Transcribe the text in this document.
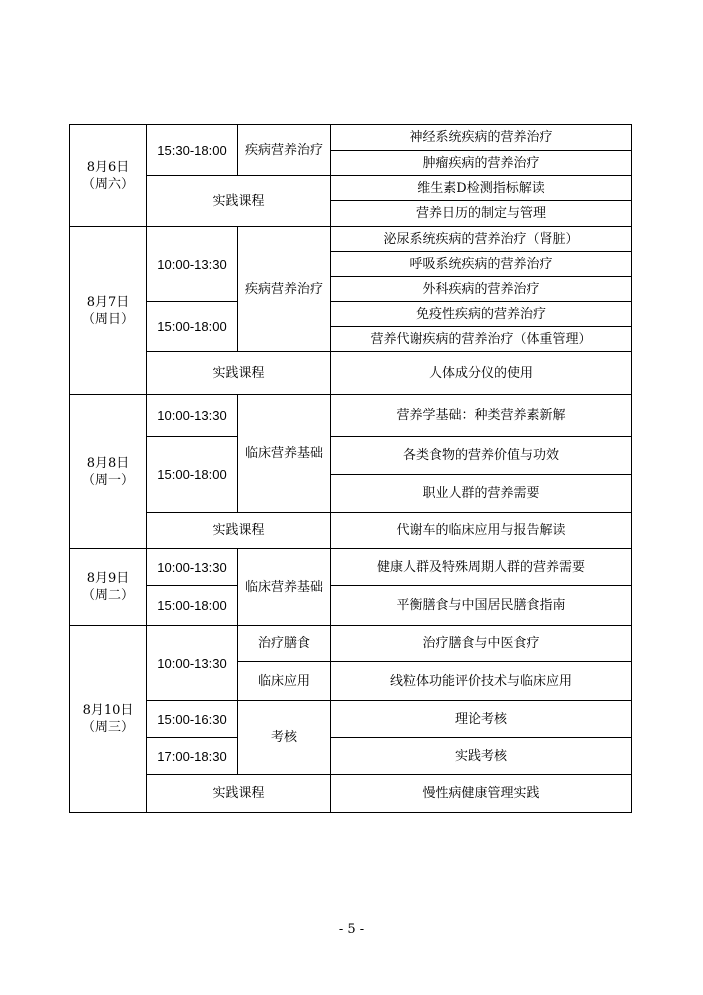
8月6日
（周六）	15:30-18:00	疾病营养治疗	神经系统疾病的营养治疗
			肿瘤疾病的营养治疗
	实践课程		维生素D检测指标解读
			营养日历的制定与管理

8月7日
（周日）	10:00-13:30	疾病营养治疗	泌尿系统疾病的营养治疗（肾脏）
			呼吸系统疾病的营养治疗
			外科疾病的营养治疗
	15:00-18:00		免疫性疾病的营养治疗
			营养代谢疾病的营养治疗（体重管理）
	实践课程		人体成分仪的使用

8月8日
（周一）	10:00-13:30	临床营养基础	营养学基础：种类营养素新解
	15:00-18:00		各类食物的营养价值与功效
			职业人群的营养需要
	实践课程		代谢车的临床应用与报告解读

8月9日
（周二）	10:00-13:30	临床营养基础	健康人群及特殊周期人群的营养需要
	15:00-18:00		平衡膳食与中国居民膳食指南

8月10日
（周三）	10:00-13:30	治疗膳食	治疗膳食与中医食疗
		临床应用	线粒体功能评价技术与临床应用
	15:00-16:30	考核	理论考核
	17:00-18:30		实践考核
	实践课程		慢性病健康管理实践
- 5 -
